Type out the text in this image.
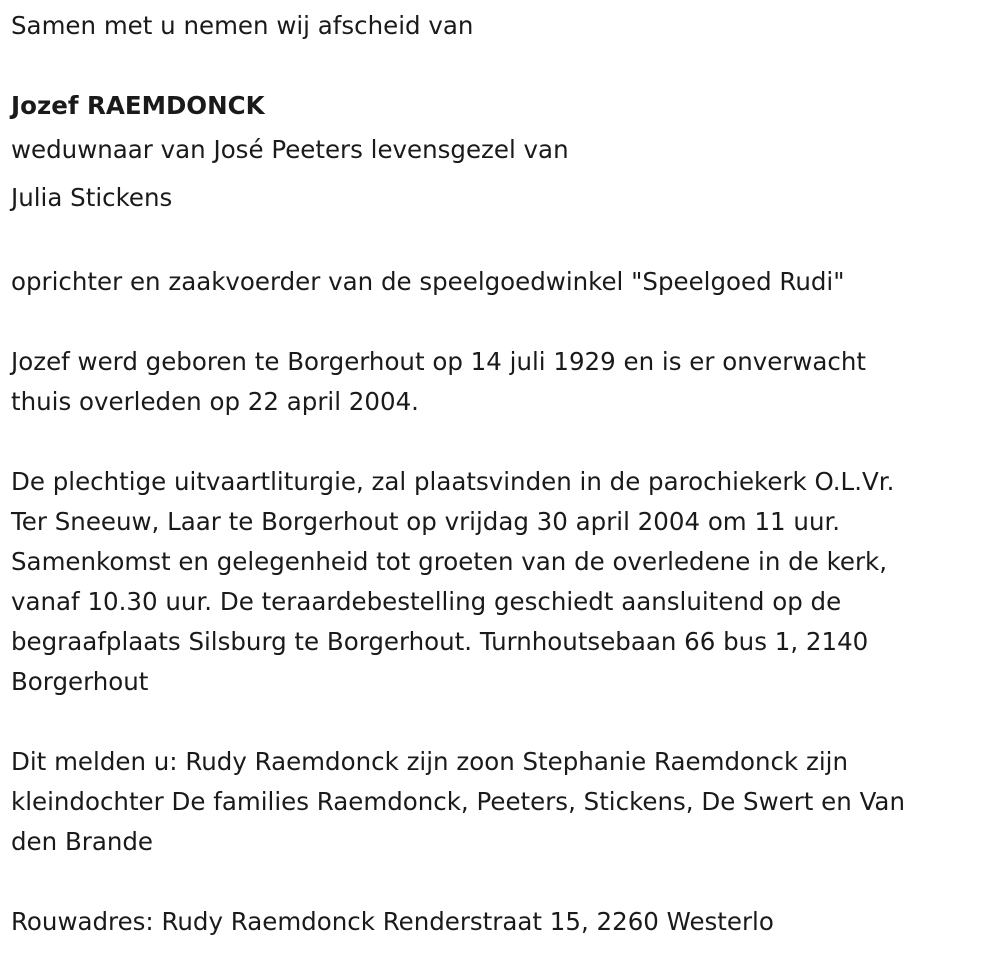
Samen met u nemen wij afscheid van
Jozef RAEMDONCK
weduwnaar van José Peeters levensgezel van
Julia Stickens
oprichter en zaakvoerder van de speelgoedwinkel "Speelgoed Rudi"
Jozef werd geboren te Borgerhout op 14 juli 1929 en is er onverwacht
thuis overleden op 22 april 2004.
De plechtige uitvaartliturgie, zal plaatsvinden in de parochiekerk O.L.Vr.
Ter Sneeuw, Laar te Borgerhout op vrijdag 30 april 2004 om 11 uur.
Samenkomst en gelegenheid tot groeten van de overledene in de kerk,
vanaf 10.30 uur. De teraardebestelling geschiedt aansluitend op de
begraafplaats Silsburg te Borgerhout. Turnhoutsebaan 66 bus 1, 2140
Borgerhout
Dit melden u: Rudy Raemdonck zijn zoon Stephanie Raemdonck zijn
kleindochter De families Raemdonck, Peeters, Stickens, De Swert en Van
den Brande
Rouwadres: Rudy Raemdonck Renderstraat 15, 2260 Westerlo
